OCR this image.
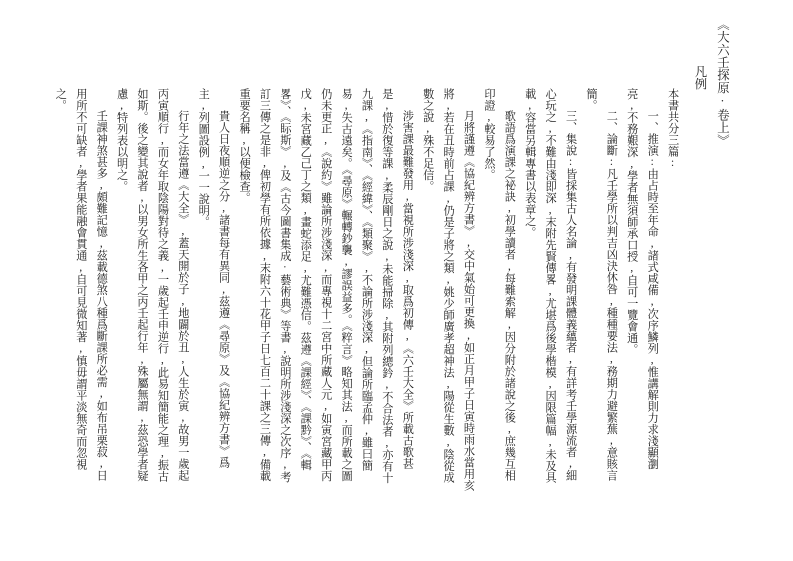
《大六壬探原·卷上》
凡例

本書共分三篇:

一、推演:由占時至年命,諸式咸備,次序鱗列,惟講解則力求淺顯瀏亮,不務艱深,學者無須師承口授,自可一覽會通。

二、論斷:凡壬學所以判吉凶決休咎,種種要法,務期力避繁蕪,意賅言簡。

三、集說:皆採集古人名論,有發明課體義蘊者,有詳考壬學源流者,細心玩之,不難由淺即深,末附先賢傳畧,尤堪爲後學楷模,因限篇幅,未及具載,容當另輯專書以表章之。

歌語爲演課之祕訣,初學讀者,每難索解,因分附於諸說之後,庶幾互相印證,較易了然。

月將謹遵《協紀辨方書》,交中氣始可更換,如正月甲子日寅時雨水當用亥將,若在丑時前占課,仍是子將之類,姚少師廣孝超神法,陽從生數,陰從成數之說,殊不足信。

涉害課最難發用,當視所涉淺深,取爲初傳,《六壬大全》所載古歌甚是,惜於復等課,柔辰剛日之說,未能掃除,其附列總鈐,不合法者,亦有十九課,《指南》、《經緯》、《類聚》,不論所涉淺深,但論所臨孟仲,雖曰簡易,失古遠矣。《尋原》輾轉鈔襲,謬誤益多。《粹言》略知其法,而所載之圖仍未更正,《說約》雖論所涉淺深,而專視十二宮中所藏人元,如寅宮藏甲丙戊,未宮藏乙己丁之類,畫蛇添足,尤難憑信。茲遵《課經》、《課黔》、《輯畧》、《眎斯》,及《古今圖書集成·藝術典》等書,說明所涉淺深之次序,考訂三傳之是非,俾初學有所依據,末附六十花甲子日七百二十課之三傳,備載重要名稱,以便檢查。

貴人日夜順逆之分,諸書每有異同,茲遵《尋原》及《協紀辨方書》爲主,列圖設例,一一說明。

行年之法當遵《大全》,蓋天開於子,地闢於丑,人生於寅,故男一歲起丙寅順行,而女年取陰陽對待之義,一歲起壬申逆行,此易知簡能之理,振古如斯。後之變其說者,以男女所生各甲之丙壬起行年,殊屬無謂,茲恐學者疑慮,特列表以明之。

壬課神煞甚多,頗難記憶,茲載德煞八種爲斷課所必需,如布吊栗菽,日用所不可缺者,學者果能融會貫通,自可見微知著,慎毋謂平淡無奇而忽視之。
